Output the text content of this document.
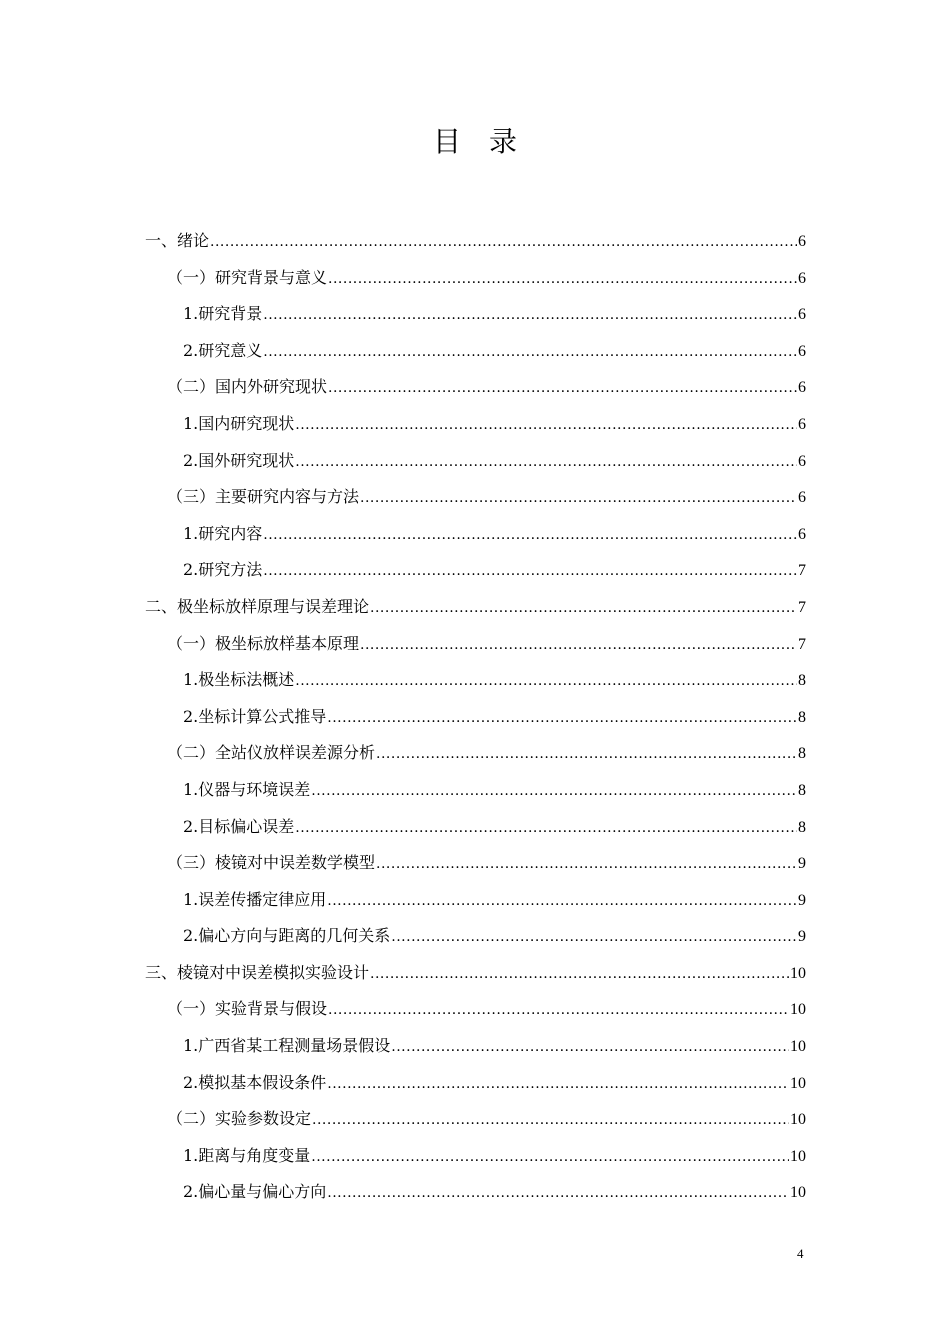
目录
一、绪论 .....	6
（一）研究背景与意义 .....	6
1.研究背景 .....	6
2.研究意义 .....	6
（二）国内外研究现状 .....	6
1.国内研究现状 .....	6
2.国外研究现状 .....	6
（三）主要研究内容与方法 .....	6
1.研究内容 .....	6
2.研究方法 .....	7
二、极坐标放样原理与误差理论 .....	7
（一）极坐标放样基本原理 .....	7
1.极坐标法概述 .....	8
2.坐标计算公式推导 .....	8
（二）全站仪放样误差源分析 .....	8
1.仪器与环境误差 .....	8
2.目标偏心误差 .....	8
（三）棱镜对中误差数学模型 .....	9
1.误差传播定律应用 .....	9
2.偏心方向与距离的几何关系 .....	9
三、棱镜对中误差模拟实验设计 .....	10
（一）实验背景与假设 .....	10
1.广西省某工程测量场景假设 .....	10
2.模拟基本假设条件 .....	10
（二）实验参数设定 .....	10
1.距离与角度变量 .....	10
2.偏心量与偏心方向 .....	10
4
